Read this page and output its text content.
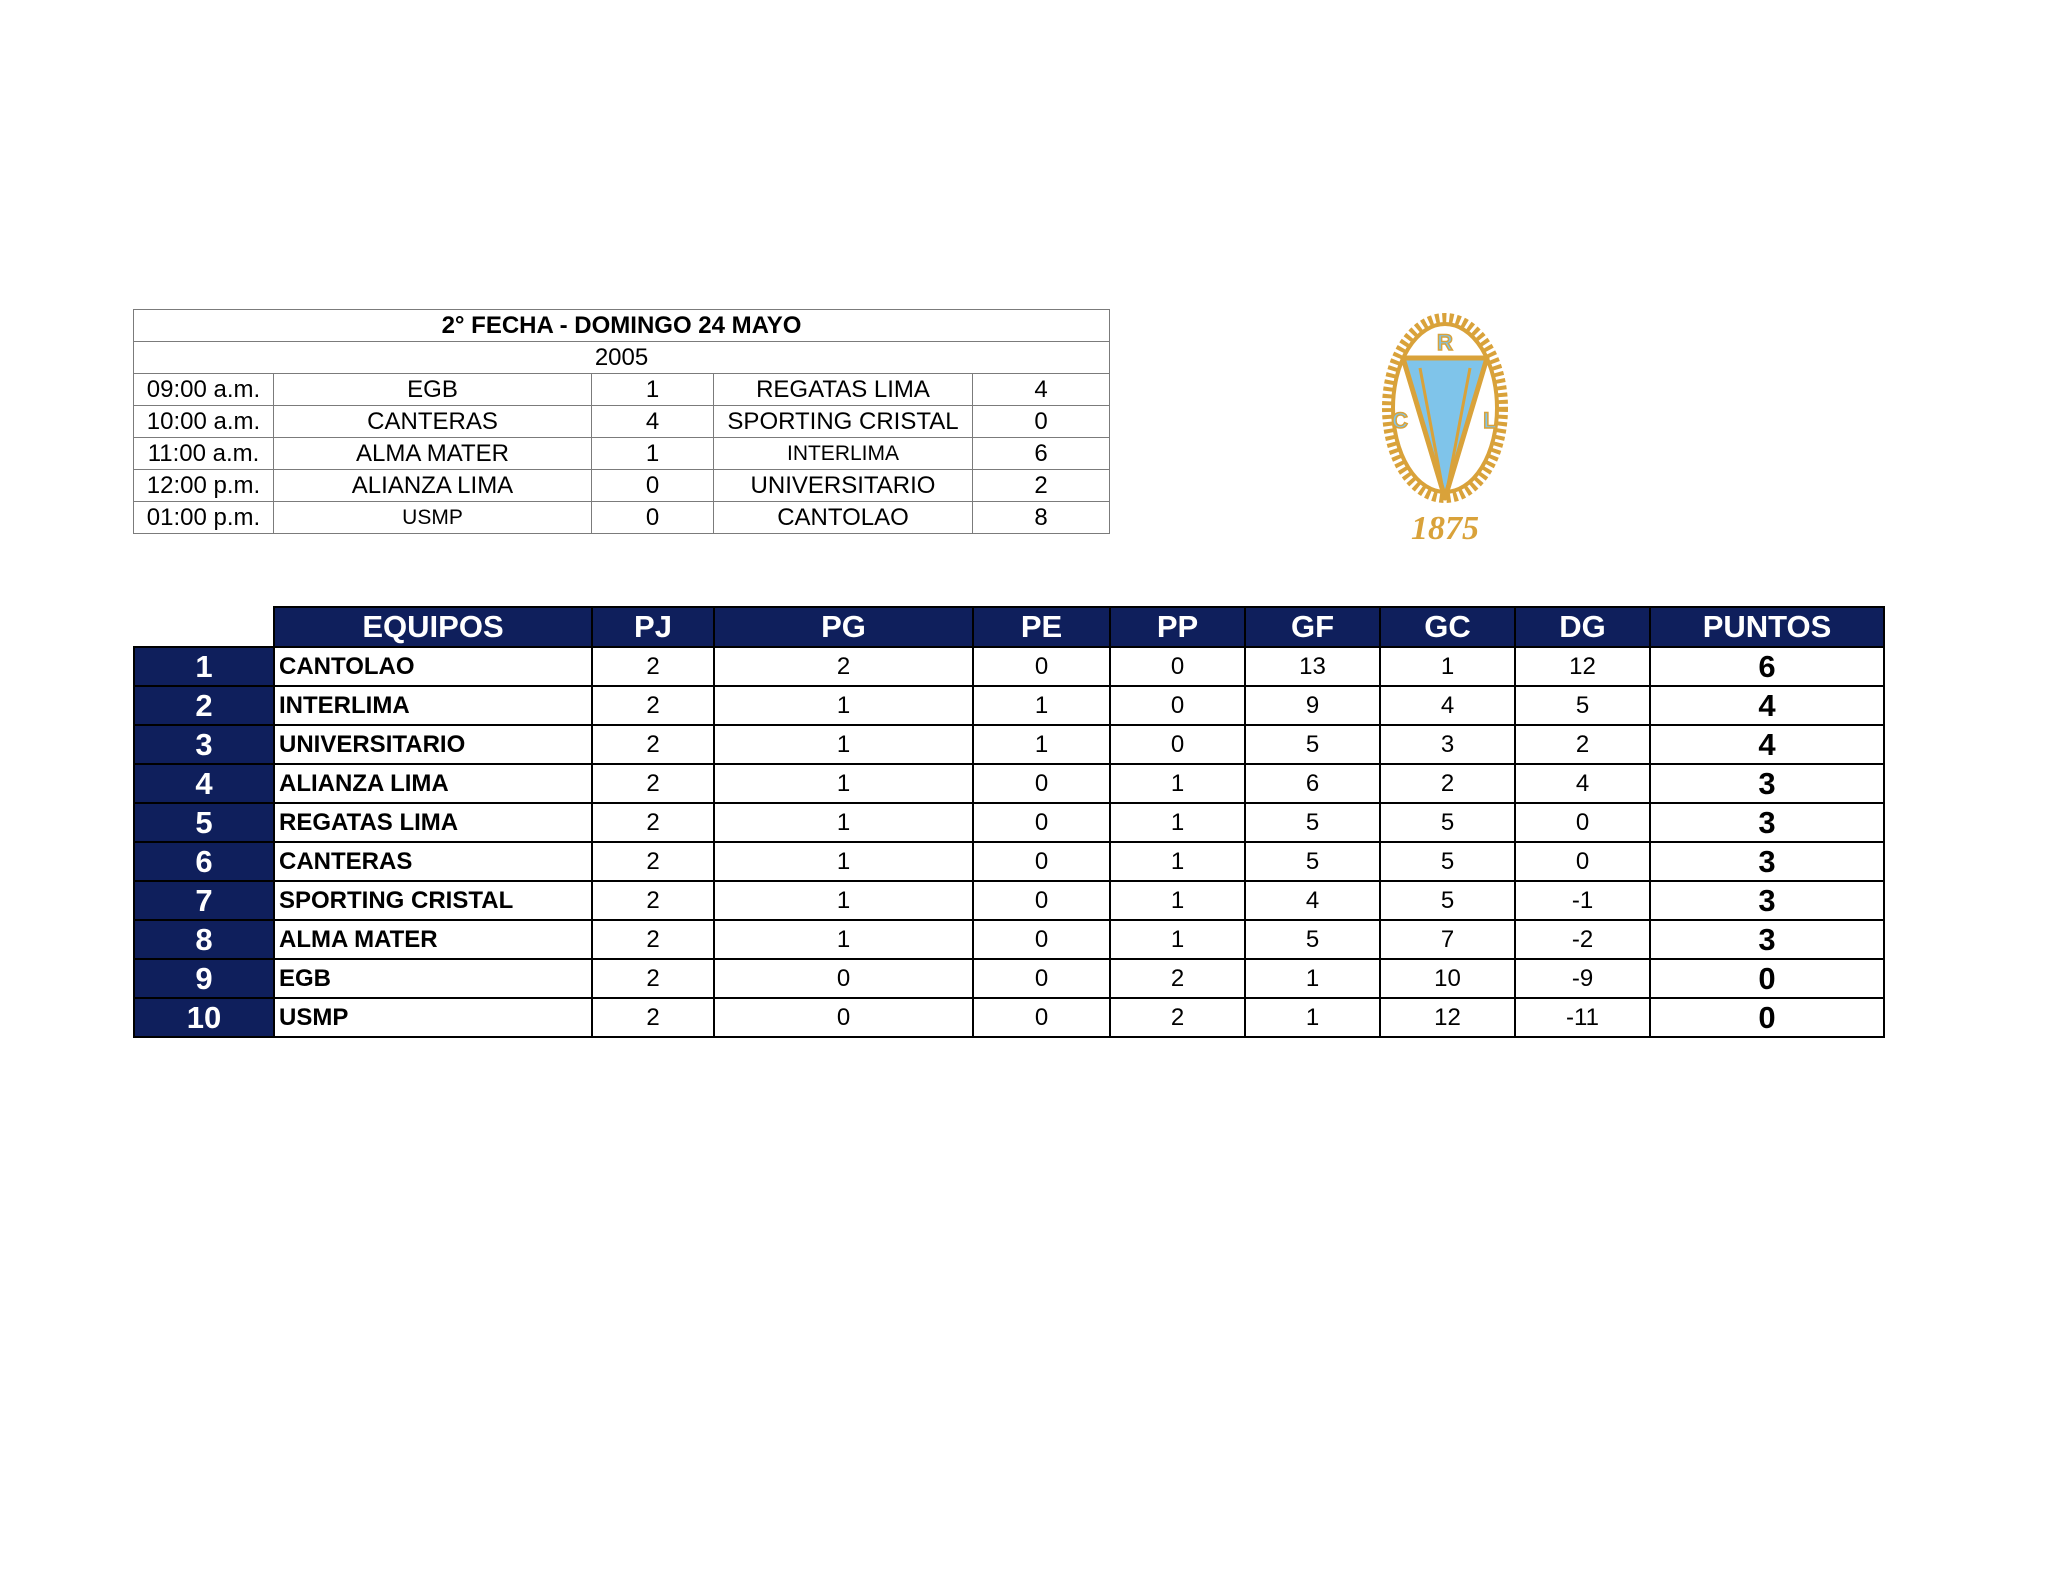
2° FECHA - DOMINGO 24 MAYO				
2005				
09:00 a.m.	EGB	1	REGATAS LIMA	4
10:00 a.m.	CANTERAS	4	SPORTING CRISTAL	0
11:00 a.m.	ALMA MATER	1	INTERLIMA	6
12:00 p.m.	ALIANZA LIMA	0	UNIVERSITARIO	2
01:00 p.m.	USMP	0	CANTOLAO	8
R
C	L
1875
	EQUIPOS	PJ	PG	PE	PP	GF	GC	DG	PUNTOS
1	CANTOLAO	2	2	0	0	13	1	12	6
2	INTERLIMA	2	1	1	0	9	4	5	4
3	UNIVERSITARIO	2	1	1	0	5	3	2	4
4	ALIANZA LIMA	2	1	0	1	6	2	4	3
5	REGATAS LIMA	2	1	0	1	5	5	0	3
6	CANTERAS	2	1	0	1	5	5	0	3
7	SPORTING CRISTAL	2	1	0	1	4	5	-1	3
8	ALMA MATER	2	1	0	1	5	7	-2	3
9	EGB	2	0	0	2	1	10	-9	0
10	USMP	2	0	0	2	1	12	-11	0
